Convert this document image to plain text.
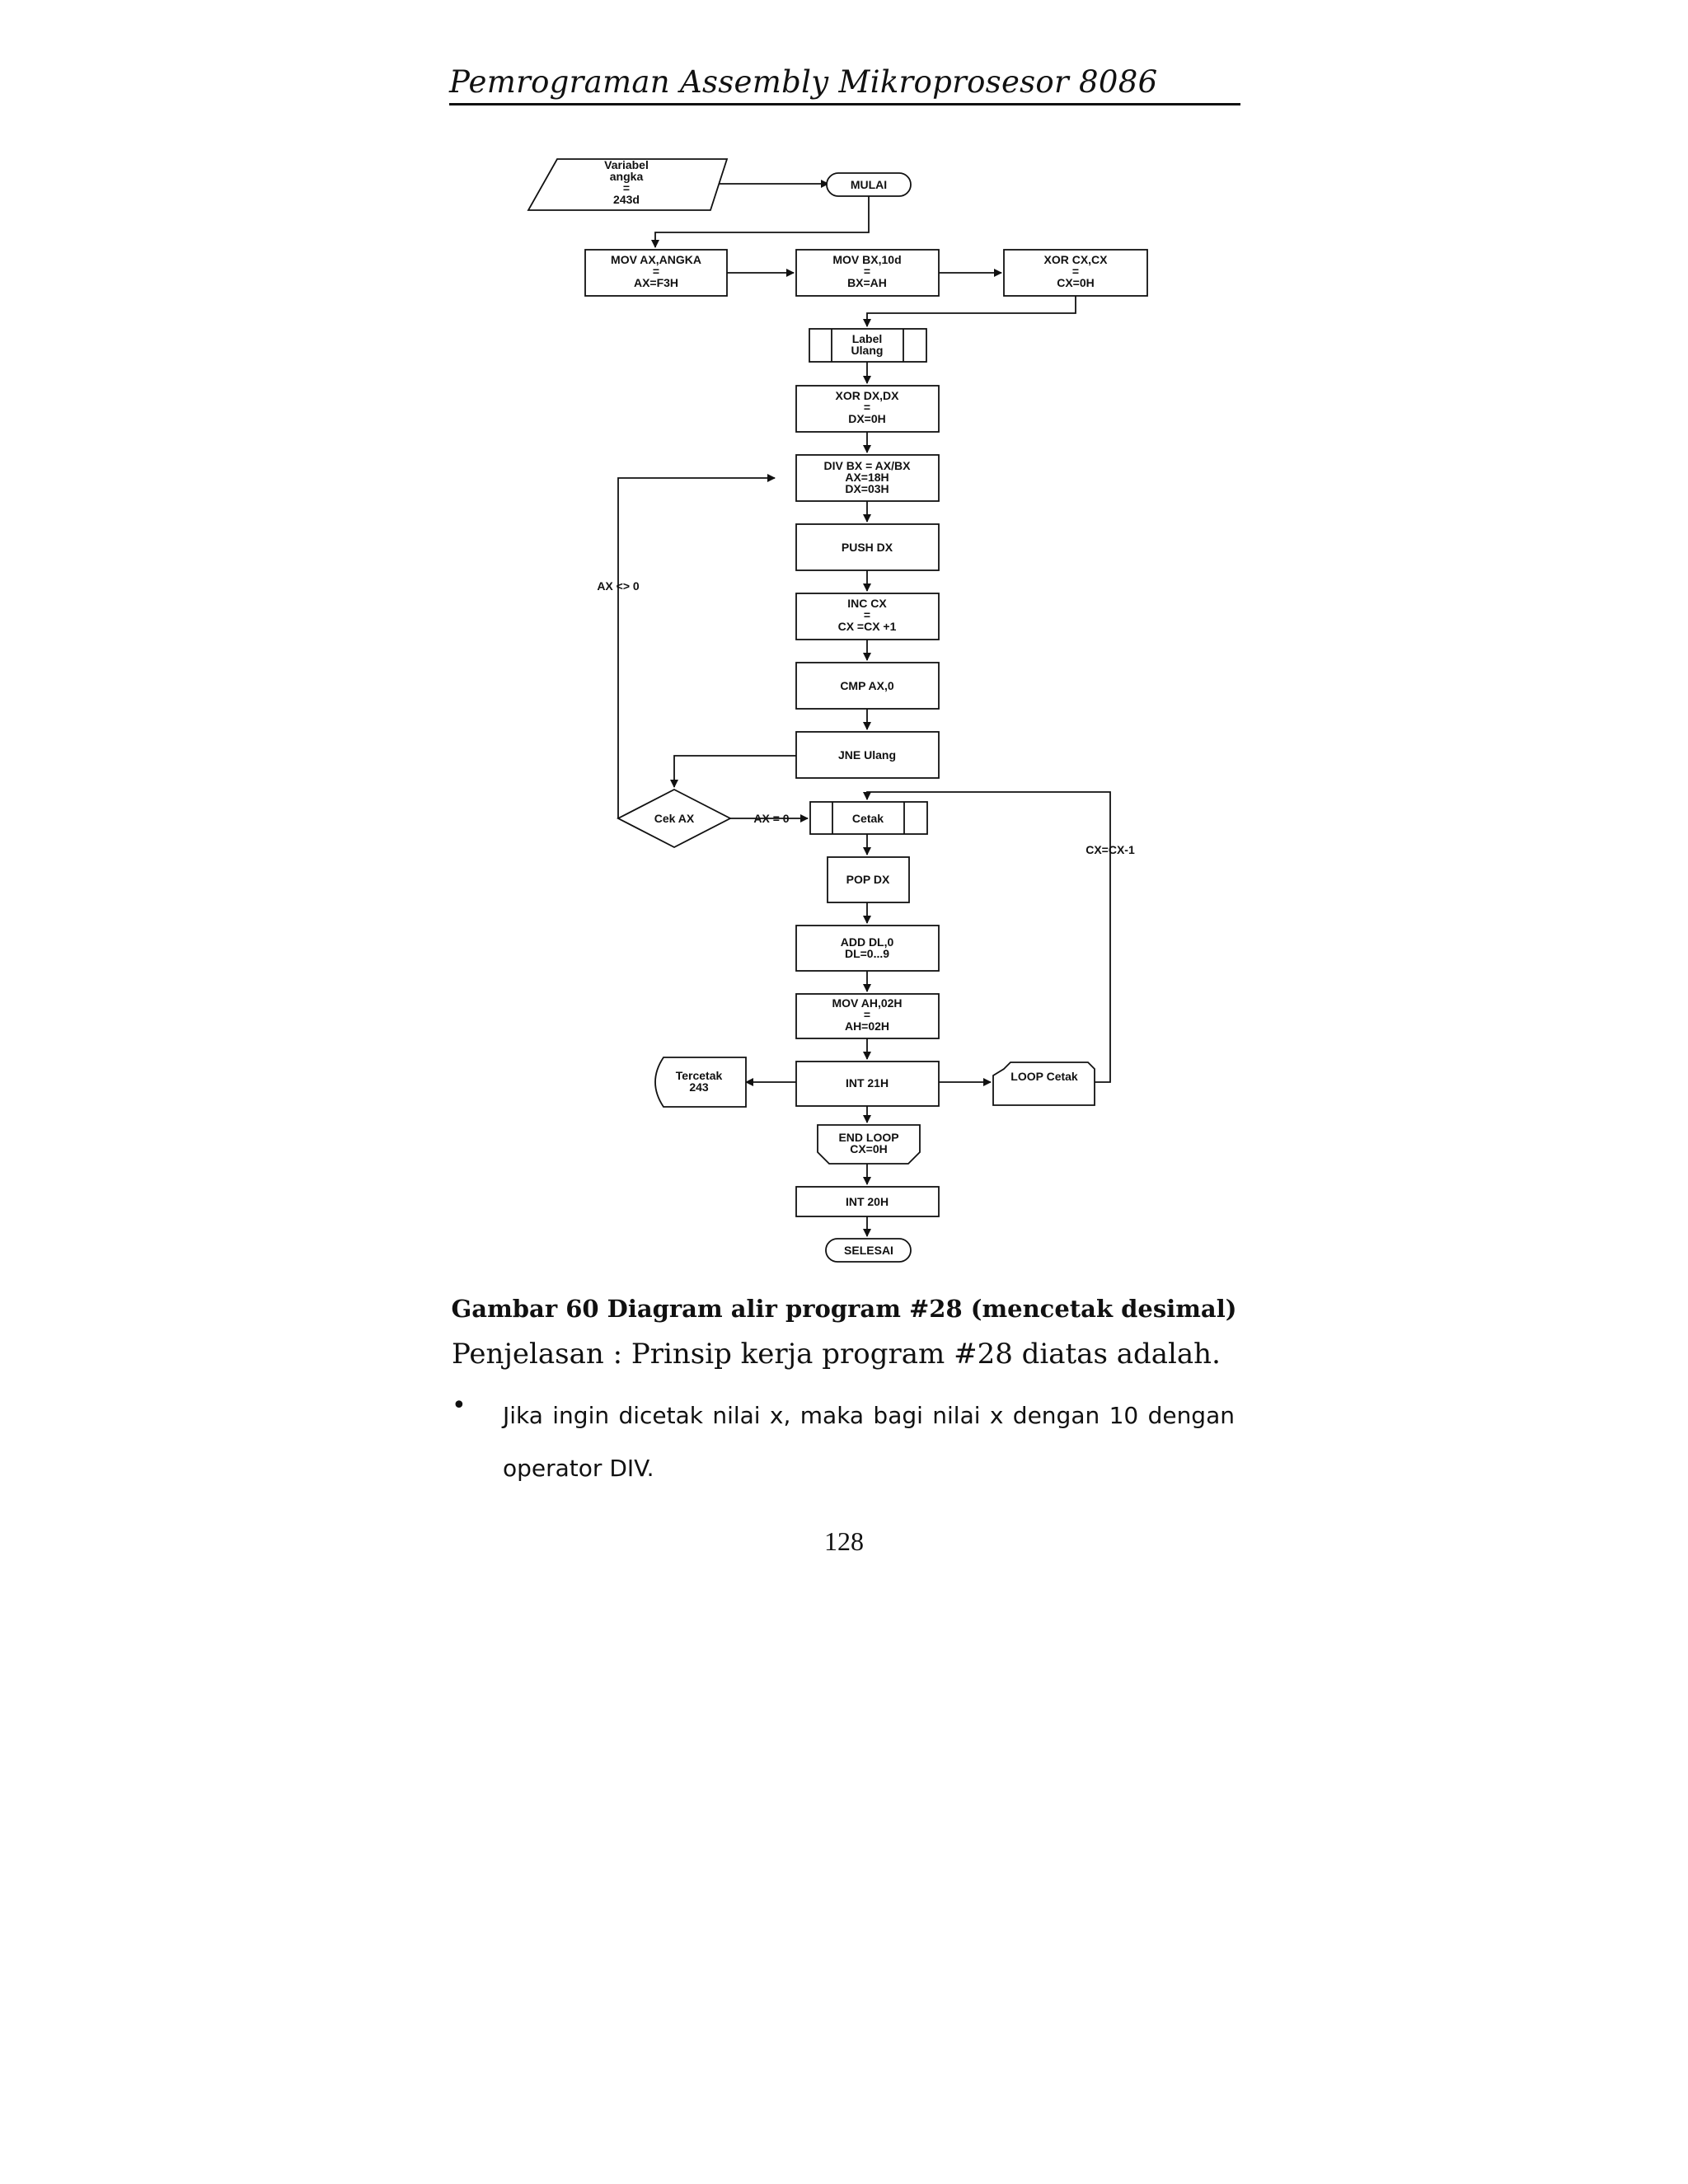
Pemrograman Assembly Mikroprosesor 8086
Variabel
angka
=
243d
MULAI
MOV AX,ANGKA
=
AX=F3H
MOV BX,10d
=
BX=AH
XOR CX,CX
=
CX=0H
Label
Ulang
XOR DX,DX
=
DX=0H
DIV BX = AX/BX
AX=18H
DX=03H
PUSH DX
INC CX
=
CX =CX +1
CMP AX,0
JNE Ulang
Cek AX	Cetak
POP DX
ADD DL,0
DL=0...9
MOV AH,02H
=
AH=02H
INT 21H
Tercetak
243
LOOP Cetak
END LOOP
CX=0H
INT 20H
SELESAI
AX <> 0
AX = 0
CX=CX-1
Gambar 60 Diagram alir program #28 (mencetak desimal)
Penjelasan : Prinsip kerja program #28 diatas adalah.
• Jika ingin dicetak nilai x, maka bagi nilai x dengan 10 dengan operator DIV.
128
